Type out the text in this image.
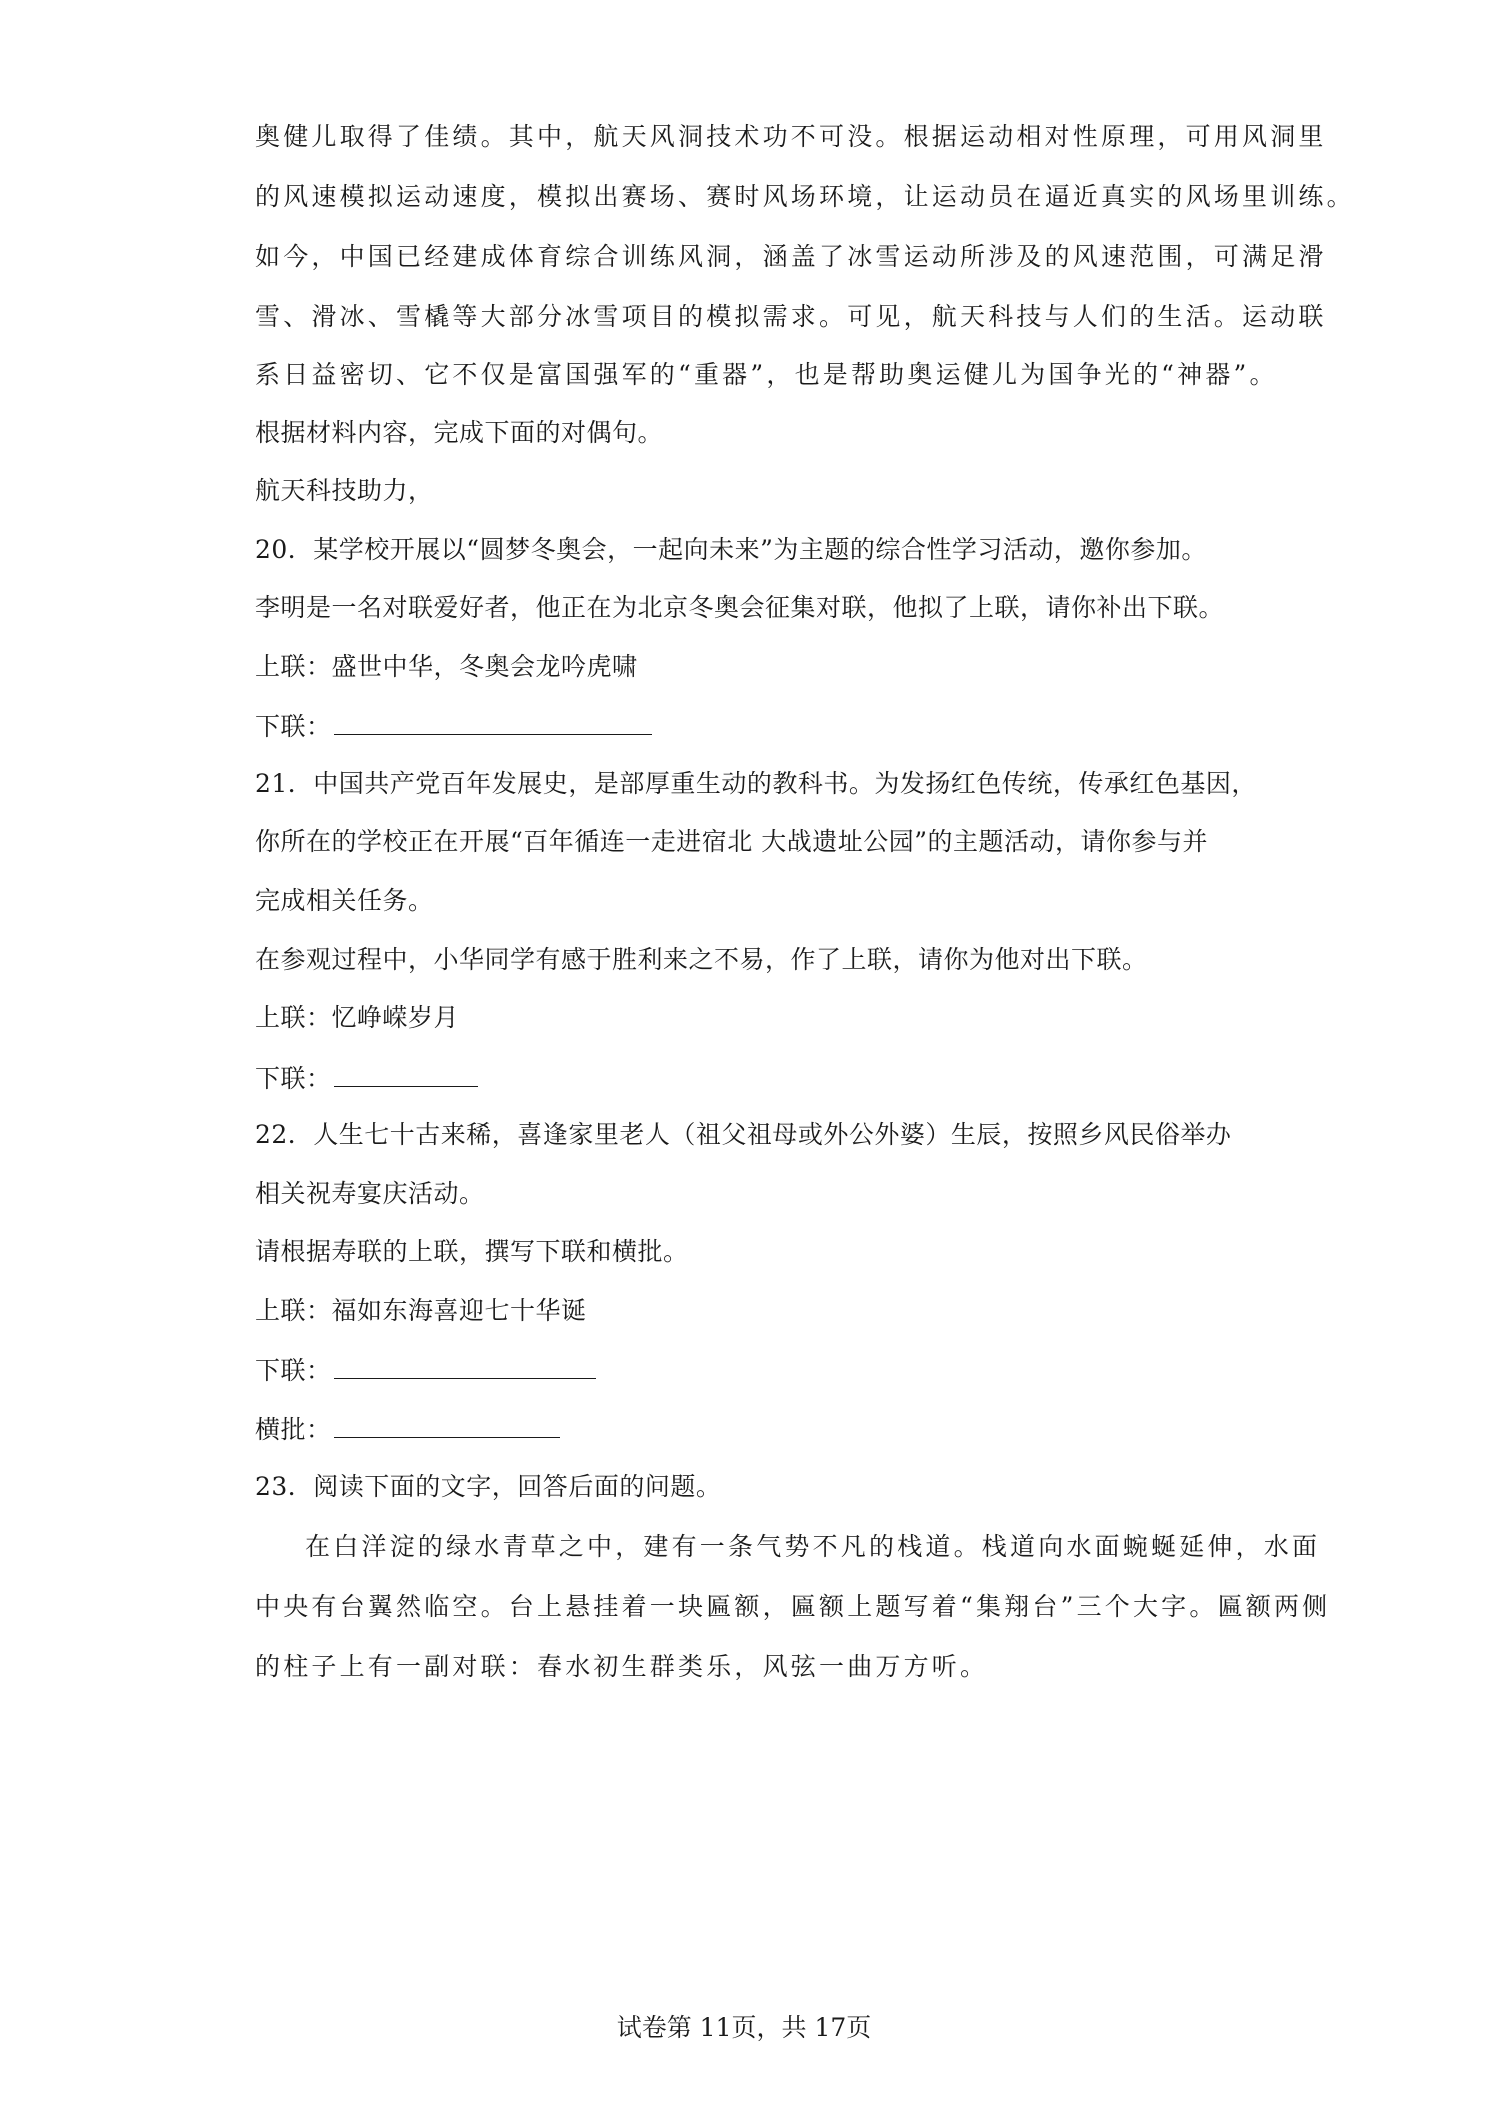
奥健儿取得了佳绩。其中，航天风洞技术功不可没。根据运动相对性原理，可用风洞里
的风速模拟运动速度，模拟出赛场、赛时风场环境，让运动员在逼近真实的风场里训练。
如今，中国已经建成体育综合训练风洞，涵盖了冰雪运动所涉及的风速范围，可满足滑
雪、滑冰、雪橇等大部分冰雪项目的模拟需求。可见，航天科技与人们的生活。运动联
系日益密切、它不仅是富国强军的“重器”，也是帮助奥运健儿为国争光的“神器”。
根据材料内容，完成下面的对偶句。
航天科技助力，
20．某学校开展以“圆梦冬奥会，一起向未来”为主题的综合性学习活动，邀你参加。
李明是一名对联爱好者，他正在为北京冬奥会征集对联，他拟了上联，请你补出下联。
上联：盛世中华，冬奥会龙吟虎啸
下联：
21．中国共产党百年发展史，是部厚重生动的教科书。为发扬红色传统，传承红色基因，
你所在的学校正在开展“百年循连一走进宿北 大战遗址公园”的主题活动，请你参与并
完成相关任务。
在参观过程中，小华同学有感于胜利来之不易，作了上联，请你为他对出下联。
上联：忆峥嵘岁月
下联：
22．人生七十古来稀，喜逢家里老人（祖父祖母或外公外婆）生辰，按照乡风民俗举办
相关祝寿宴庆活动。
请根据寿联的上联，撰写下联和横批。
上联：福如东海喜迎七十华诞
下联：
横批：
23．阅读下面的文字，回答后面的问题。
在白洋淀的绿水青草之中，建有一条气势不凡的栈道。栈道向水面蜿蜒延伸，水面
中央有台翼然临空。台上悬挂着一块匾额，匾额上题写着“集翔台”三个大字。匾额两侧
的柱子上有一副对联：春水初生群类乐，风弦一曲万方听。
试卷第 11页，共 17页
